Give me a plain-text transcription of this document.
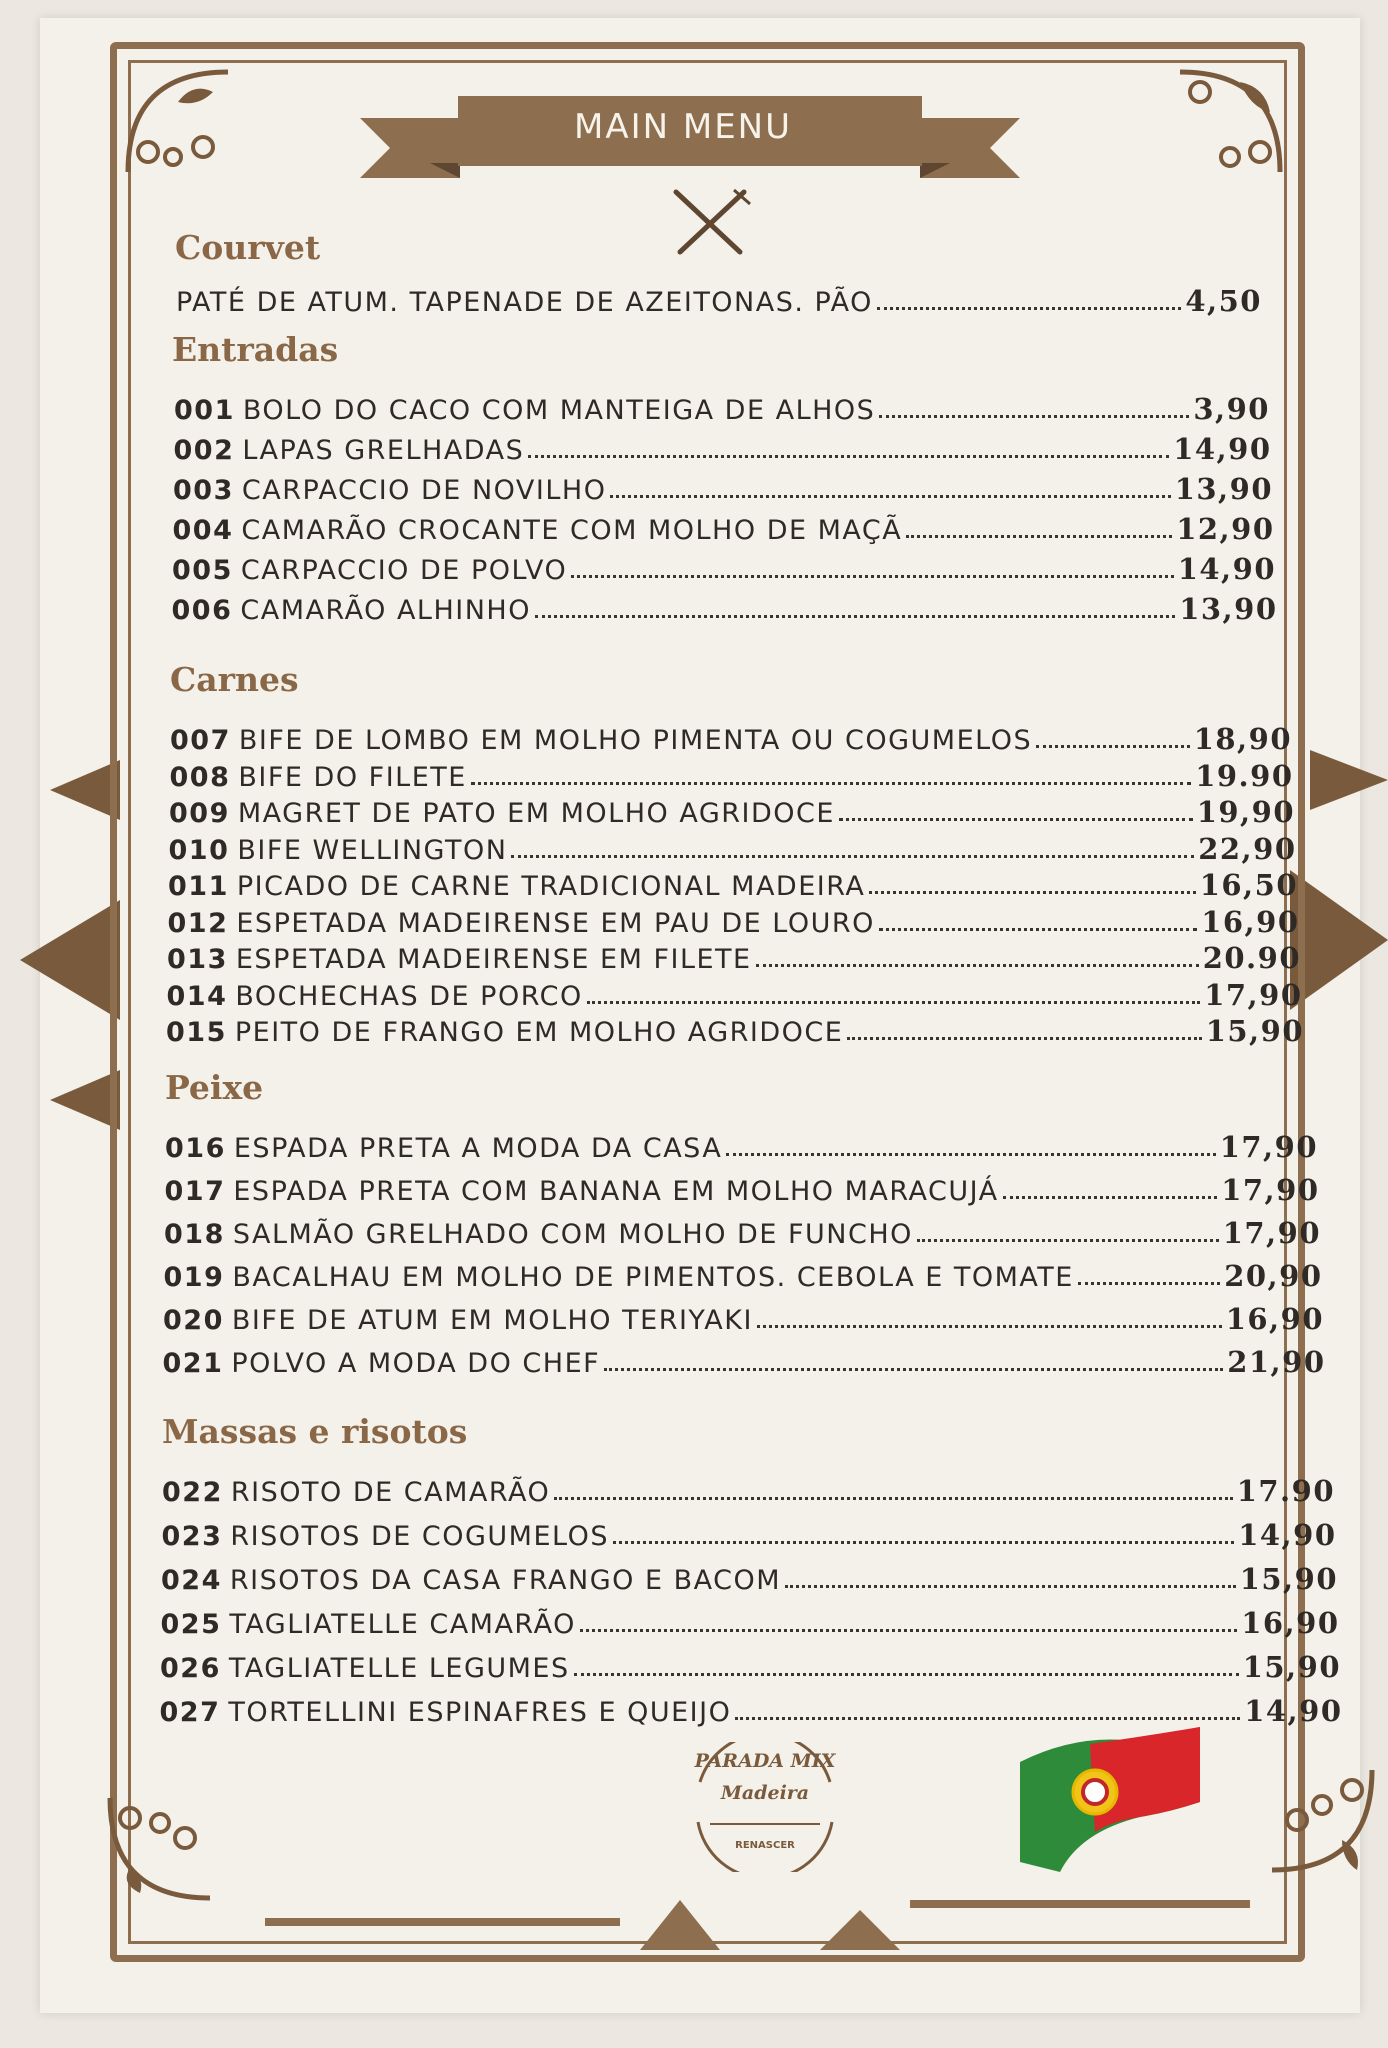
MAIN MENU
Courvet
PATÉ DE ATUM. TAPENADE DE AZEITONAS. PÃO	4,50
Entradas
001 BOLO DO CACO COM MANTEIGA DE ALHOS	3,90
002 LAPAS GRELHADAS	14,90
003 CARPACCIO DE NOVILHO	13,90
004 CAMARÃO CROCANTE COM MOLHO DE MAÇÃ	12,90
005 CARPACCIO DE POLVO	14,90
006 CAMARÃO ALHINHO	13,90
Carnes
007 BIFE DE LOMBO EM MOLHO PIMENTA OU COGUMELOS	18,90
008 BIFE DO FILETE	19.90
009 MAGRET DE PATO EM MOLHO AGRIDOCE	19,90
010 BIFE WELLINGTON	22,90
011 PICADO DE CARNE TRADICIONAL MADEIRA	16,50
012 ESPETADA MADEIRENSE EM PAU DE LOURO	16,90
013 ESPETADA MADEIRENSE EM FILETE	20.90
014 BOCHECHAS DE PORCO	17,90
015 PEITO DE FRANGO EM MOLHO AGRIDOCE	15,90
Peixe
016 ESPADA PRETA A MODA DA CASA	17,90
017 ESPADA PRETA COM BANANA EM MOLHO MARACUJÁ	17,90
018 SALMÃO GRELHADO COM MOLHO DE FUNCHO	17,90
019 BACALHAU EM MOLHO DE PIMENTOS. CEBOLA E TOMATE	20,90
020 BIFE DE ATUM EM MOLHO TERIYAKI	16,90
021 POLVO A MODA DO CHEF	21,90
Massas e risotos
022 RISOTO DE CAMARÃO	17.90
023 RISOTOS DE COGUMELOS	14,90
024 RISOTOS DA CASA FRANGO E BACOM	15,90
025 TAGLIATELLE CAMARÃO	16,90
026 TAGLIATELLE LEGUMES	15,90
027 TORTELLINI ESPINAFRES E QUEIJO	14,90
PARADA MIX
Madeira
RENASCER
